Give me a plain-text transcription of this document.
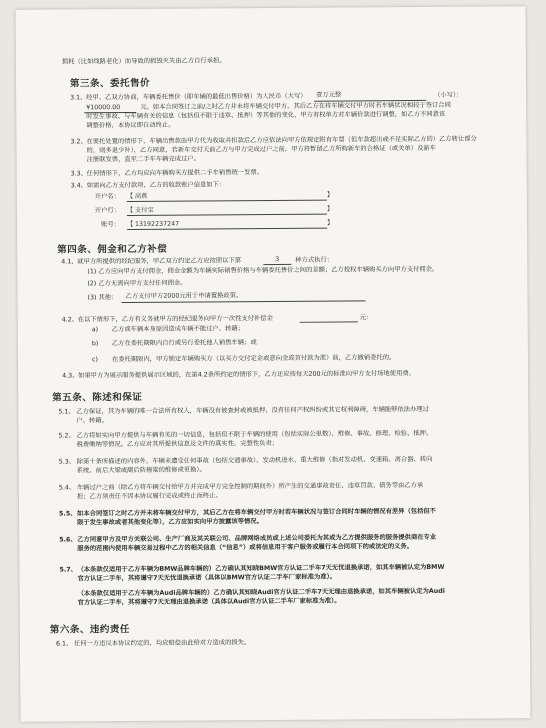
损耗（比如线路老化）而导致的损毁灭失由乙方自行承担。
第三条、委托售价
3.1、 经甲、乙双方协商，车辆委托售价（即车辆的最低出售价格）为人民币（大写） 壹万元整	（小写）：
¥10000.00	元。如本合同签订之前/之时乙方并未将车辆交付甲方，其后乙方在将车辆交付甲方时若车辆状况相较于签订合同
时发生事故、与车辆有关的信息（包括但不限于违章、抵押）等其他的变化，甲方有权单方对车辆价款进行调整，如乙方不同意该
调整价格，本协议即自动终止。
3.2、 在要托处置的情形下，车辆出售款由甲方代为收取并扣款后乙方应依法向甲方依规定附有车票（但车款超出或不足实际乙方的）乙方转让部分
的，则多退少补），乙方同意，若新车交付天前乙方与甲方完成过户之前，甲方将暂留乙方所购新车的合格证（或关单）及新车
注册联发票，直至二手车车辆完成过户。
3.3、 任何情形下，乙方均应向车辆购买方提供二手车销售统一发票。
3.4、 如需向乙方支付款项，乙方的收款账户信息如下：
开户名： 【 高燕	】
开户行： 【 支付宝	】
账号： 【 13192237247	】
第四条、佣金和乙方补偿
4.1、 就甲方所提供的经纪服务，甲乙双方约定乙方应按照以下第	3	种方式执行：
(1) 乙方应向甲方支付佣金，佣金金额为车辆实际销售价格与车辆委托售价之间的差额；乙方授权车辆购买方向甲方支付佣金。
(2) 乙方无需向甲方支付任何佣金。
(3) 其他： 乙方支付甲方2000元用于申请置换政策。
4.2、 在以下情形下，乙方有义务就甲方的经纪服务向甲方一次性支付补偿金	元：
a) 乙方或车辆本身原因造成车辆不能过户、转籍；
b) 乙方在委托期限内自行或另行委托他人销售车辆；或
c) 在委托期限内，甲方锁定车辆购买方（以买方交付定金或意向金或首付款为准）前，乙方撤销委托的。
4.3、 如果甲方为展示服务提供展示区域的，在第4.2条所约定的情形下，乙方还应按每天200元的标准向甲方支付场地使用费。
第五条、陈述和保证
5.1、 乙方保证，其为车辆的唯一合法所有权人，车辆没有被查封或被抵押、没有任何产权纠纷或其它权利障碍，车辆能够依法办理过
户、转籍。
5.2、 乙方将如实向甲方提供与车辆有关的一切信息，包括但不限于车辆的使用（包括实际公里数）、维修、事故、修理、检验、抵押、
税费缴纳等情况。乙方应对其所提供信息及文件的真实性、完整性负责；
5.3、 除第十条所描述的内容外，车辆未遭受任何事故（包括交通事故）、发动机进水、重大维修（指对发动机、变速箱、离合器、转向
系统、前后大梁或副后防撞梁的维修或更换）。
5.4、 车辆过户之前（除乙方将车辆交付给甲方并完成甲方完全控制的期间外）所产生的交通事故责任、违章罚款、债务等由乙方承
担；乙方须责任不因本协议履行完成或终止而终止。
5.5、 如本合同签订之时乙方并未将车辆交付甲方，其后乙方在将车辆交付甲方时若车辆状况与签订合同时车辆的情况有差异（包括但不
限于发生事故或者其他变化等），乙方应如实向甲方披露该等情况。
5.6、 乙方同意甲方及甲方关联公司、生产厂商及其关联公司、品牌网络成员或上述公司委托为其或为乙方提供服务的服务提供商在专业
服务的范围内使用车辆交易过程中乙方的相关信息（“信息”）或将信息用于客户服务或履行本合同项下的或法定的义务。
5.7、 （本条款仅适用于乙方车辆为BMW品牌车辆的）乙方确认其知晓BMW官方认证二手车7天无忧退换承诺，如其车辆被认定为BMW
官方认证二手车，其将遵守7天无忧退换承诺（具体以BMW官方认证二手车厂家标准为准）。
（本条款仅适用于乙方车辆为Audi品牌车辆的）乙方确认其知晓Audi官方认证二手车7天无理由退换承诺，如其车辆被认定为Audi
官方认证二手车，其将遵守7天无理由退换承诺（具体以Audi官方认证二手车厂家标准为准）。
第六条、违约责任
6.1、 任何一方违反本协议约定的，均应赔偿由此给对方造成的损失。
